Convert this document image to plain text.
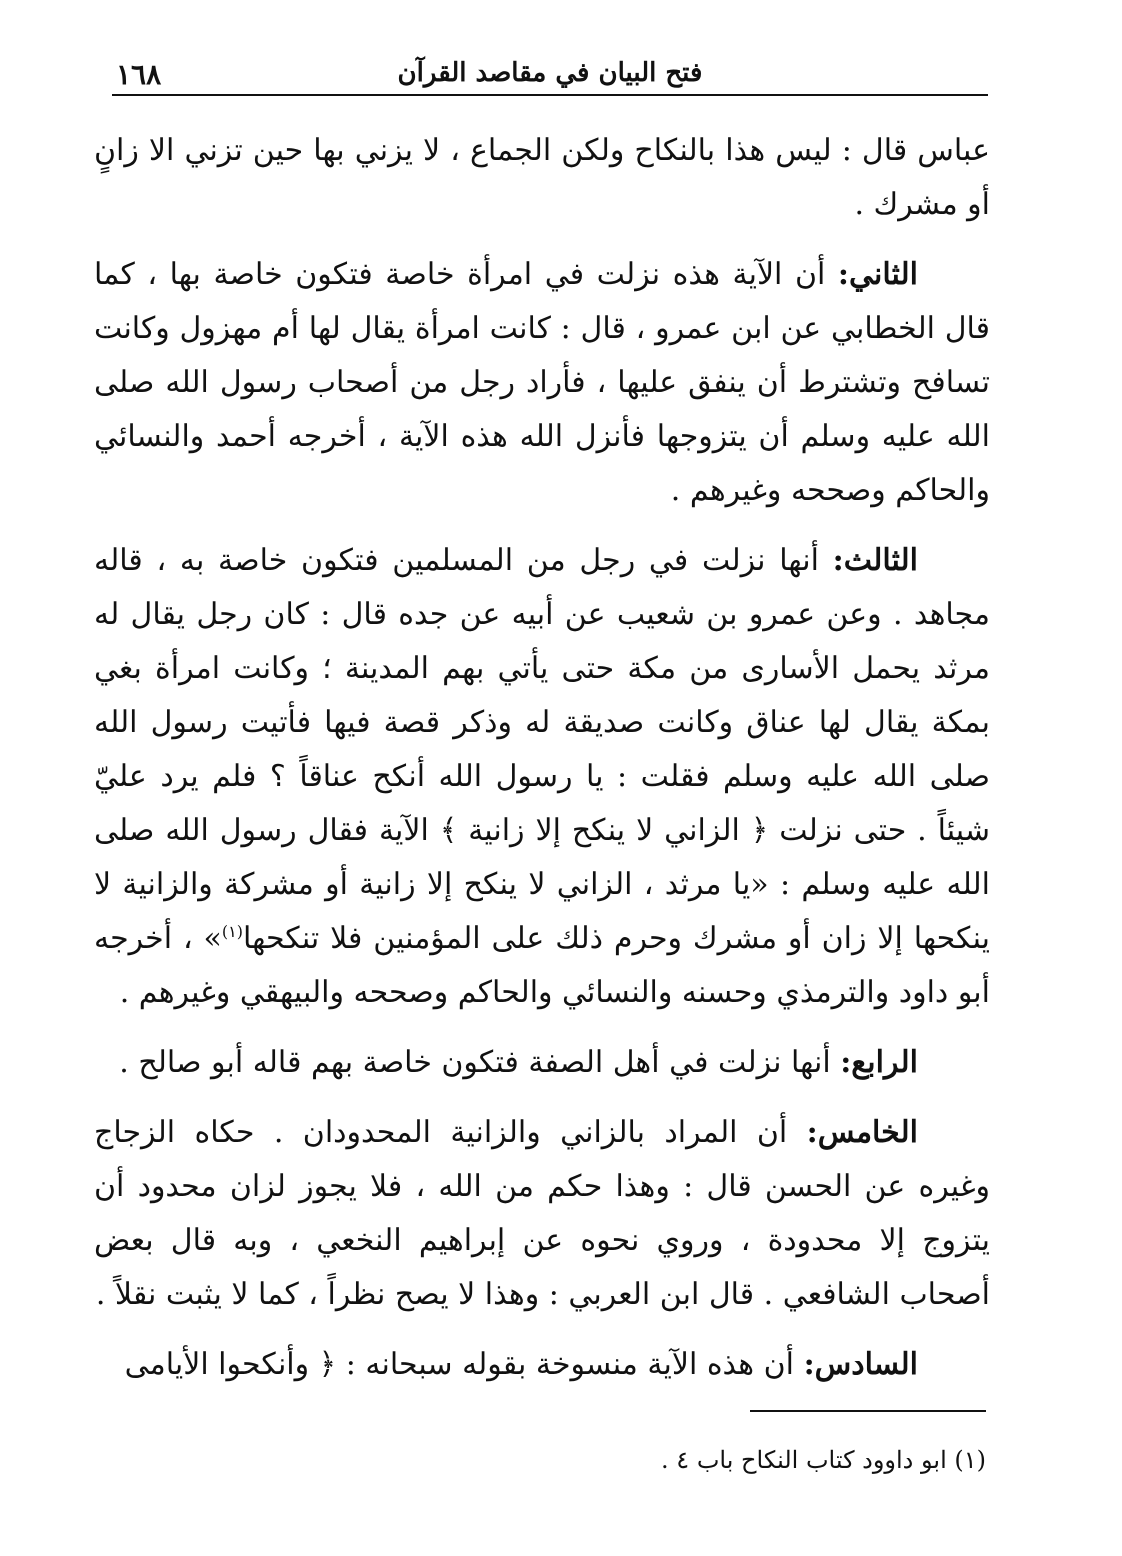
١٦٨	فتح البيان في مقاصد القرآن

عباس قال : ليس هذا بالنكاح ولكن الجماع ، لا يزني بها حين تزني الا زانٍ أو مشرك .

الثاني: أن الآية هذه نزلت في امرأة خاصة فتكون خاصة بها ، كما قال الخطابي عن ابن عمرو ، قال : كانت امرأة يقال لها أم مهزول وكانت تسافح وتشترط أن ينفق عليها ، فأراد رجل من أصحاب رسول الله صلى الله عليه وسلم أن يتزوجها فأنزل الله هذه الآية ، أخرجه أحمد والنسائي والحاكم وصححه وغيرهم .

الثالث: أنها نزلت في رجل من المسلمين فتكون خاصة به ، قاله مجاهد . وعن عمرو بن شعيب عن أبيه عن جده قال : كان رجل يقال له مرثد يحمل الأسارى من مكة حتى يأتي بهم المدينة ؛ وكانت امرأة بغي بمكة يقال لها عناق وكانت صديقة له وذكر قصة فيها فأتيت رسول الله صلى الله عليه وسلم فقلت : يا رسول الله أنكح عناقاً ؟ فلم يرد عليّ شيئاً . حتى نزلت ﴿ الزاني لا ينكح إلا زانية ﴾ الآية فقال رسول الله صلى الله عليه وسلم : «يا مرثد ، الزاني لا ينكح إلا زانية أو مشركة والزانية لا ينكحها إلا زان أو مشرك وحرم ذلك على المؤمنين فلا تنكحها$^{(١)}$» ، أخرجه أبو داود والترمذي وحسنه والنسائي والحاكم وصححه والبيهقي وغيرهم .

الرابع: أنها نزلت في أهل الصفة فتكون خاصة بهم قاله أبو صالح .

الخامس: أن المراد بالزاني والزانية المحدودان . حكاه الزجاج وغيره عن الحسن قال : وهذا حكم من الله ، فلا يجوز لزان محدود أن يتزوج إلا محدودة ، وروي نحوه عن إبراهيم النخعي ، وبه قال بعض أصحاب الشافعي . قال ابن العربي : وهذا لا يصح نظراً ، كما لا يثبت نقلاً .

السادس: أن هذه الآية منسوخة بقوله سبحانه : ﴿ وأنكحوا الأيامى

(١) ابو داوود كتاب النكاح باب ٤ .
